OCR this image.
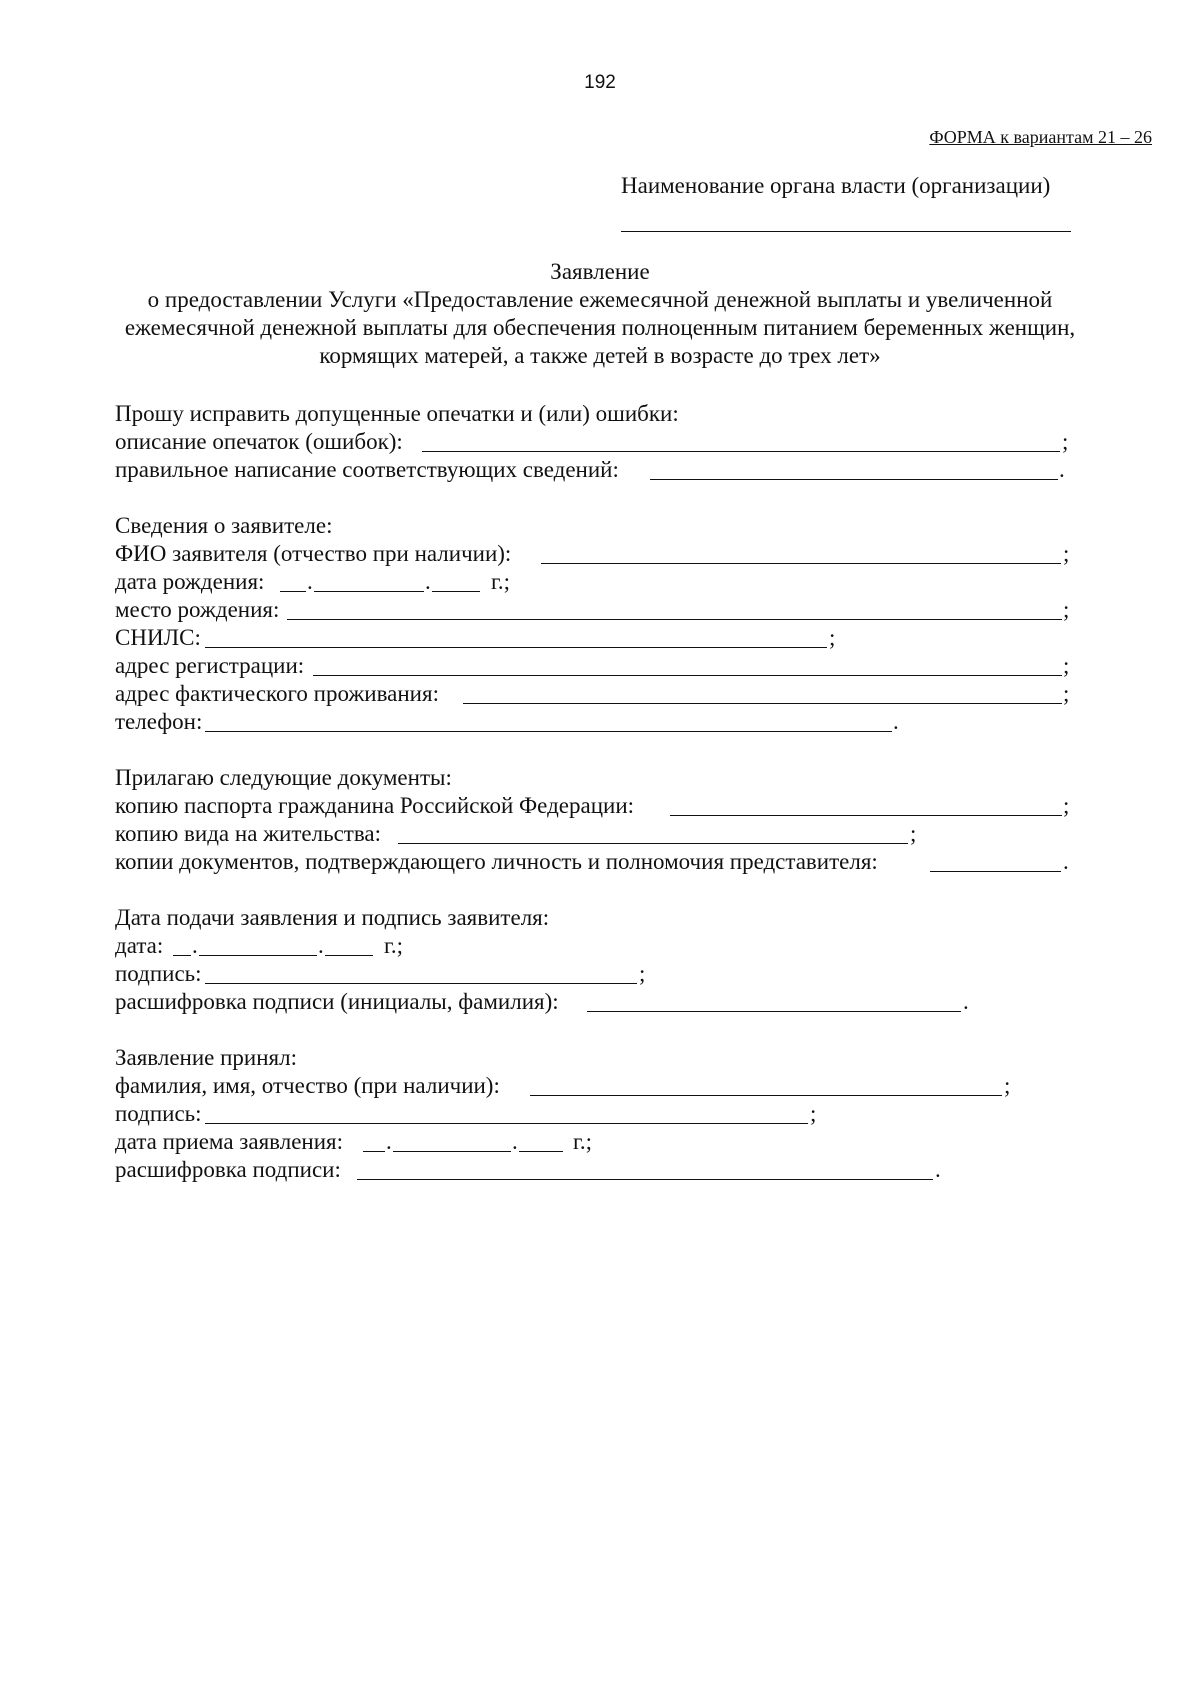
192
ФОРМА к вариантам 21 – 26
Наименование органа власти (организации)
Заявление
о предоставлении Услуги «Предоставление ежемесячной денежной выплаты и увеличенной
ежемесячной денежной выплаты для обеспечения полноценным питанием беременных женщин,
кормящих матерей, а также детей в возрасте до трех лет»
Прошу исправить допущенные опечатки и (или) ошибки:
описание опечаток (ошибок):	;
правильное написание соответствующих сведений:	.
Сведения о заявителе:
ФИО заявителя (отчество при наличии):	;
дата рождения: .	.	г.;
место рождения:	;
СНИЛС:	;
адрес регистрации:	;
адрес фактического проживания:	;
телефон:	.
Прилагаю следующие документы:
копию паспорта гражданина Российской Федерации:	;
копию вида на жительства:	;
копии документов, подтверждающего личность и полномочия представителя:	.
Дата подачи заявления и подпись заявителя:
дата: .	.	г.;
подпись:	;
расшифровка подписи (инициалы, фамилия):	.
Заявление принял:
фамилия, имя, отчество (при наличии):	;
подпись:	;
дата приема заявления: .	. г.;
расшифровка подписи:	.
